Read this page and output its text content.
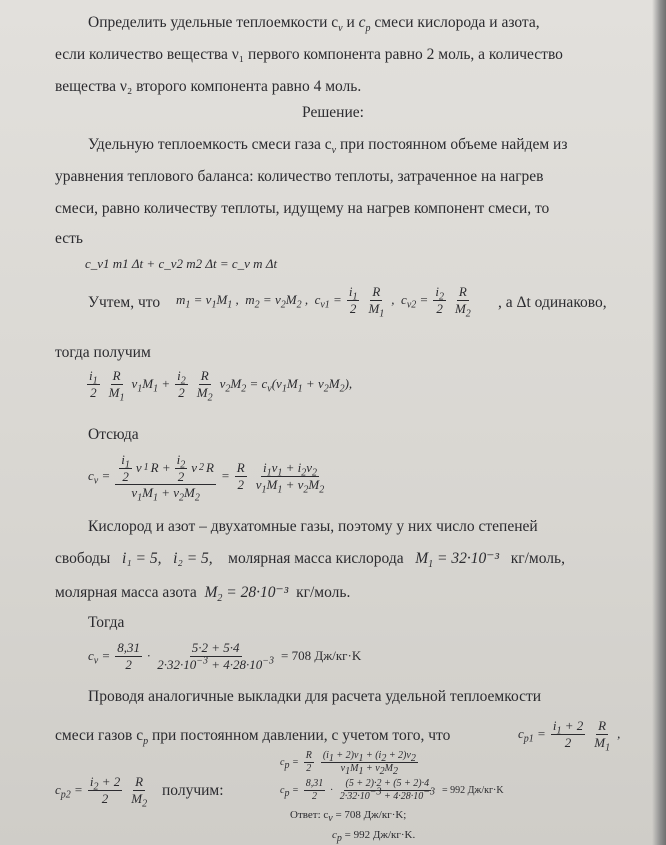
Определить удельные теплоемкости $c_v$ и $c_p$ смеси кислорода и азота,
если количество вещества ν₁ первого компонента равно 2 моль, а количество
вещества ν₂ второго компонента равно 4 моль.
Решение:
Удельную теплоемкость смеси газа $c_v$ при постоянном объеме найдем из
уравнения теплового баланса: количество теплоты, затраченное на нагрев
смеси, равно количеству теплоты, идущему на нагрев компонент смеси, то
есть
c_v1 m1 Δt + c_v2 m2 Δt = c_v m Δt
Учтем, что $m_1 = \nu_1M_1$ ,  $m_2 = \nu_2M_2$ ,  $c_{v1} = \frac{i_1}{2} \frac{R}{M_1}$ ,  $c_{v2} = \frac{i_2}{2} \frac{R}{M_2}$ , а Δt одинаково,
тогда получим
$\frac{i_1}{2} \frac{R}{M_1} \nu_1M_1 + \frac{i_2}{2} \frac{R}{M_2} \nu_2M_2 = c_v(\nu_1M_1 + \nu_2M_2)$,
Отсюда
$c_v = \frac{\frac{i_1}{2} \nu 1 R + \frac{i_2}{2} \nu 2 R}{\nu_1M_1 + \nu_2M_2} = \frac{R}{2} \frac{i_1\nu_1 + i_2\nu_2}{\nu_1M_1 + \nu_2M_2}$
Кислород и азот – двухатомные газы, поэтому у них число степеней
свободы i₁ = 5, i₂ = 5, молярная масса кислорода $M_1 = 32\cdot 10^{-3}$ кг/моль,
молярная масса азота $M_2 = 28\cdot 10^{-3}$ кг/моль.
Тогда
$c_v = \frac{8,31}{2} \cdot \frac{5\cdot 2 + 5\cdot 4}{2\cdot 32\cdot 10^{-3} + 4\cdot 28\cdot 10^{-3}} = 708$ Дж/кг·K
Проводя аналогичные выкладки для расчета удельной теплоемкости
смеси газов $c_p$ при постоянном давлении, с учетом того, что	$c_{p1} = \frac{i_1 + 2}{2} \frac{R}{M_1}$ ,
$c_{p2} = \frac{i_2 + 2}{2} \frac{R}{M_2}$ получим:
$c_p = \frac{R}{2} \frac{(i_1 + 2)\nu_1 + (i_2 + 2)\nu_2}{\nu_1M_1 + \nu_2M_2}$
$c_p = \frac{8,31}{2} \cdot \frac{(5 + 2)\cdot 2 + (5 + 2)\cdot 4}{2\cdot 32\cdot 10^{-3} + 4\cdot 28\cdot 10^{-3}} = 992$ Дж/кг·K
Ответ: $c_v = 708$ Дж/кг·K;
$c_p = 992$ Дж/кг·K.
